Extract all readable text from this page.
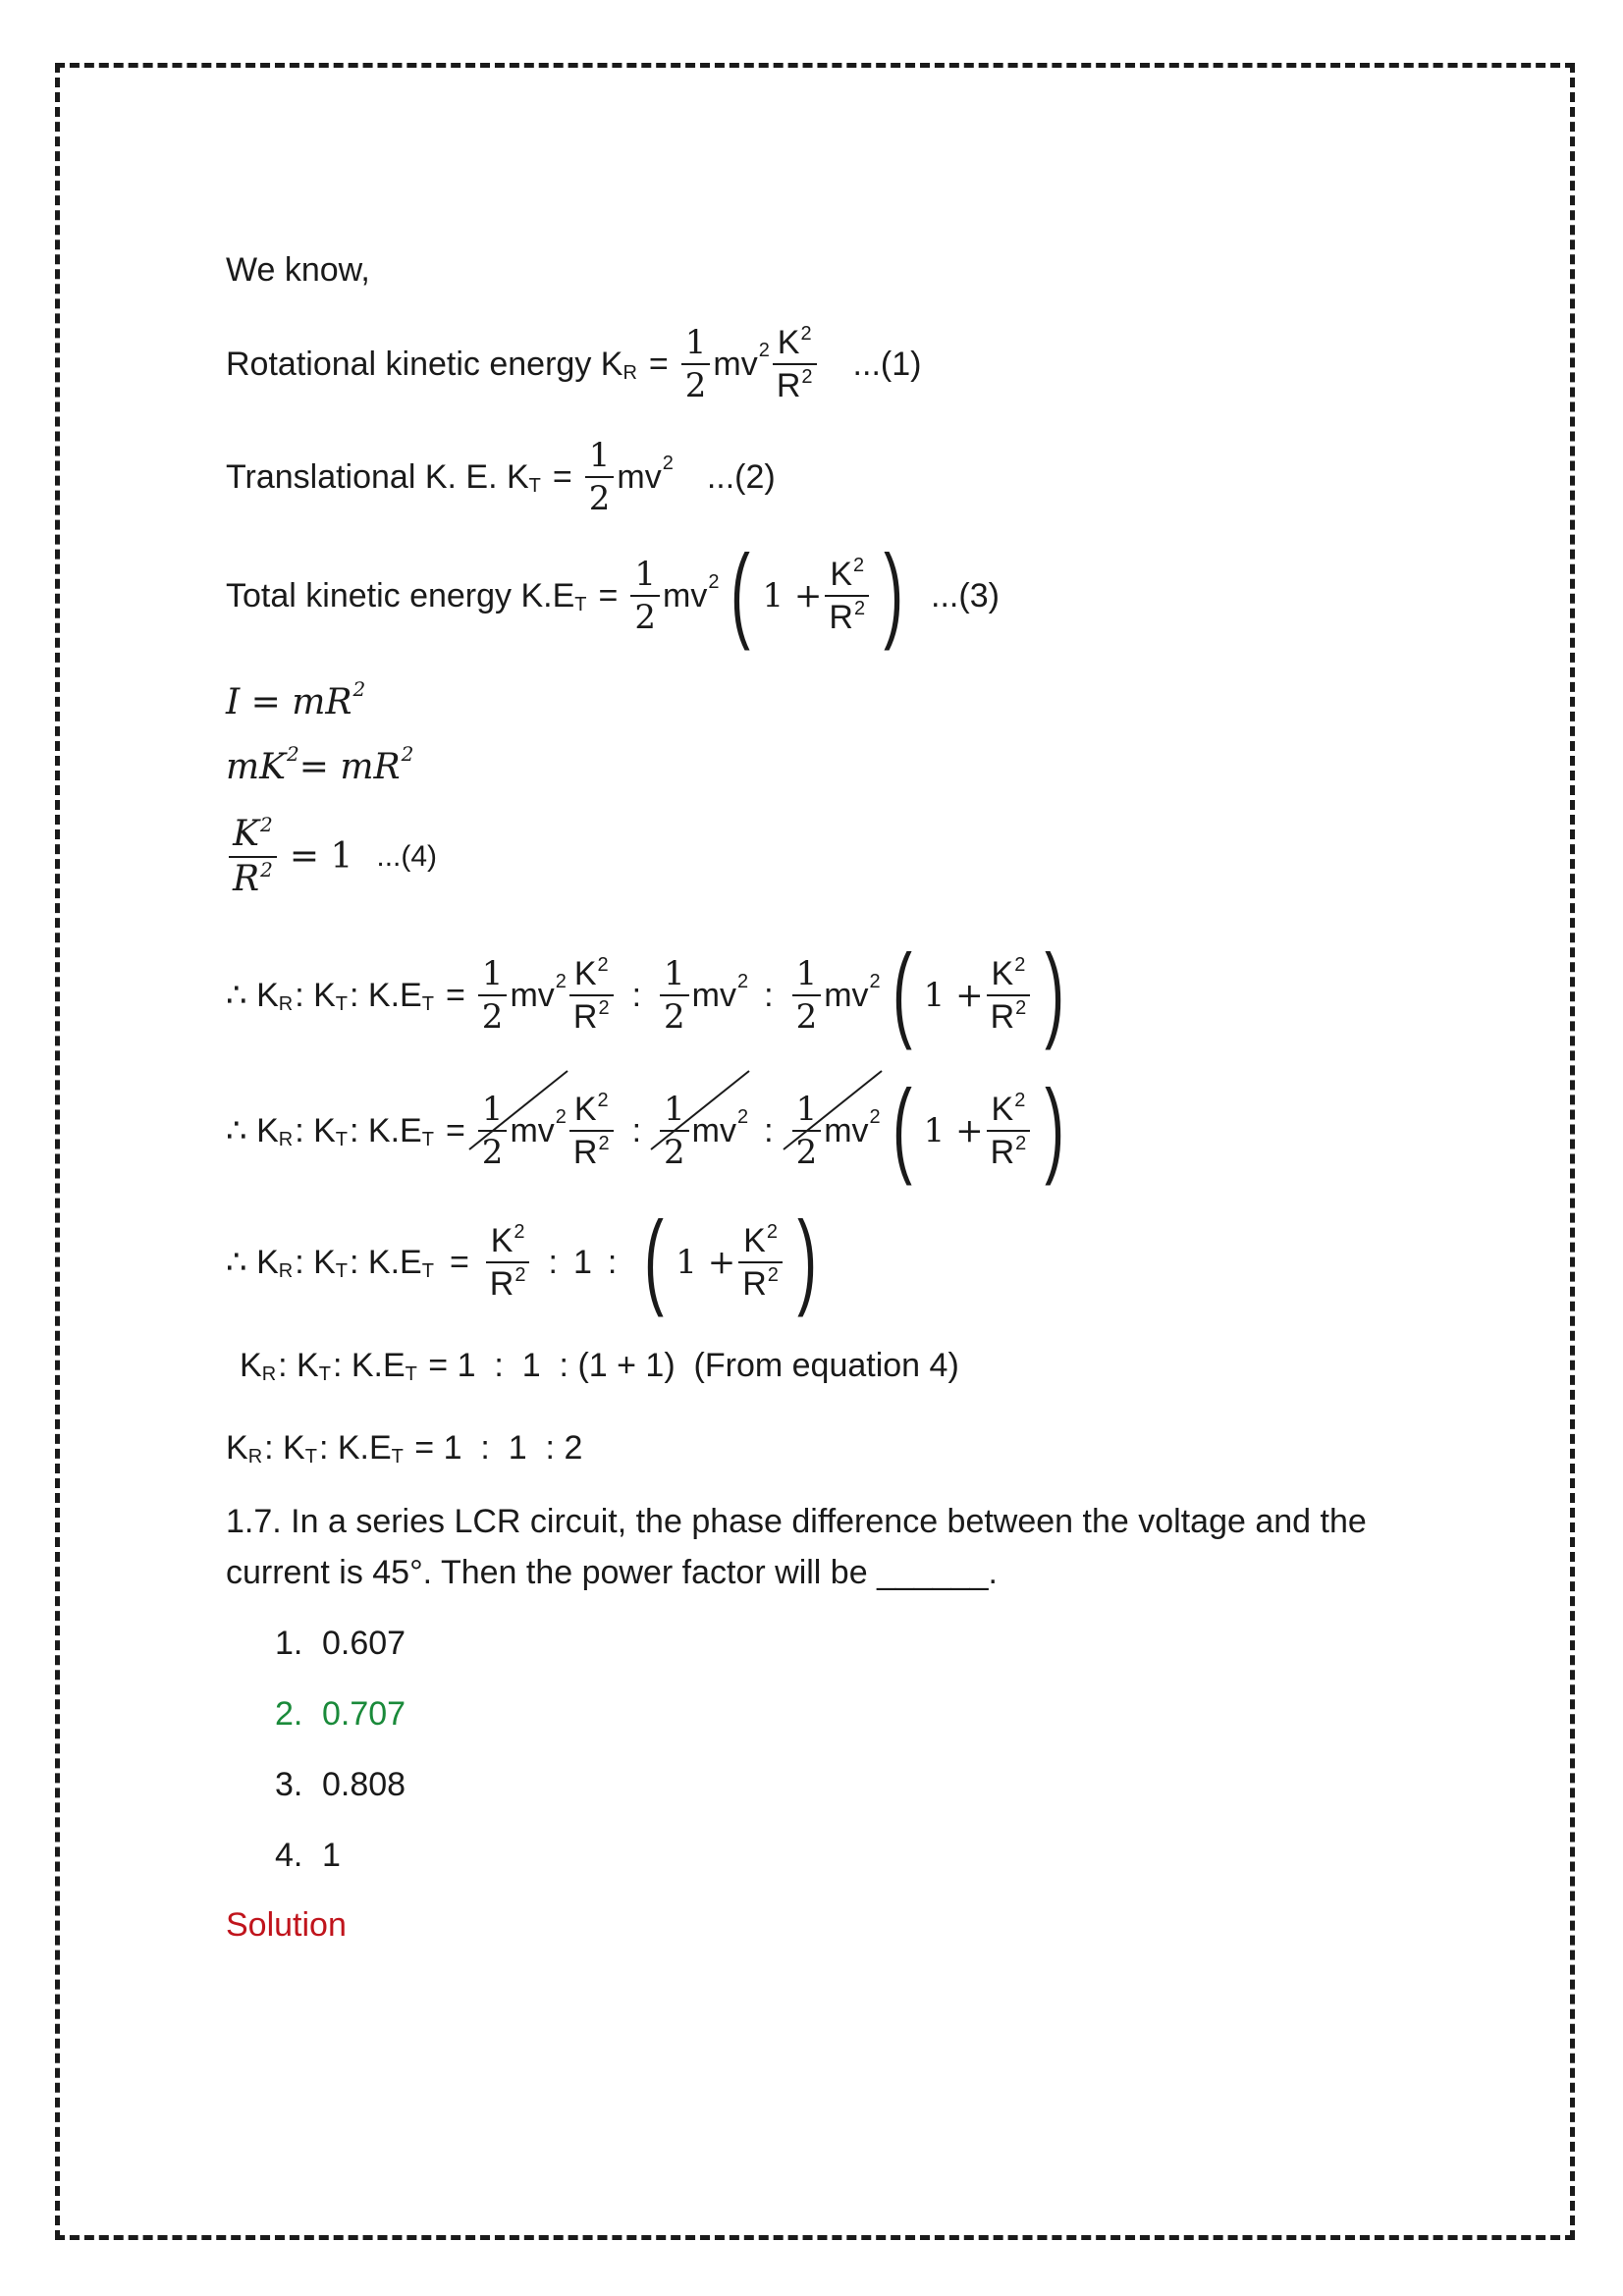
We know,
Rotational kinetic energy K $R = \frac{1}{2}$ mv $2 \frac{K^2}{R^2} ...(1)$
Translational K. E. K $T = \frac{1}{2}$ mv 2 ...(2)
Total kinetic energy K.E $T = \frac{1}{2}$ mv 2 ( $1 + \frac{K^2}{R^2}$ ) ...(3)
I = mR 2
mK 2 = mR 2
$\frac{K^2}{R^2} = 1$ ...(4)
∴ K R : K T : K.E $T = \frac{1}{2}$ mv $2 \frac{K^2}{R^2}$ : $\frac{1}{2}$ mv 2 : $\frac{1}{2}$ mv 2 ( $1 + \frac{K^2}{R^2}$ )
∴ K R : K T : K.E $T = \frac{1}{2}$ mv $2 \frac{K^2}{R^2}$ : $\frac{1}{2}$ mv 2 : $\frac{1}{2}$ mv 2 ( $1 + \frac{K^2}{R^2}$ )
∴ K R : K T : K.E $T = \frac{K^2}{R^2}$ : 1 : ( $1 + \frac{K^2}{R^2}$ )
K R : K T : K.E T = 1  :  1  : (1 + 1)  (From equation 4)
K R : K T : K.E T = 1  :  1  : 2
1.7. In a series LCR circuit, the phase difference between the voltage and the current is 45°. Then the power factor will be ______.
1. 0.607
2. 0.707
3. 0.808
4. 1
Solution
